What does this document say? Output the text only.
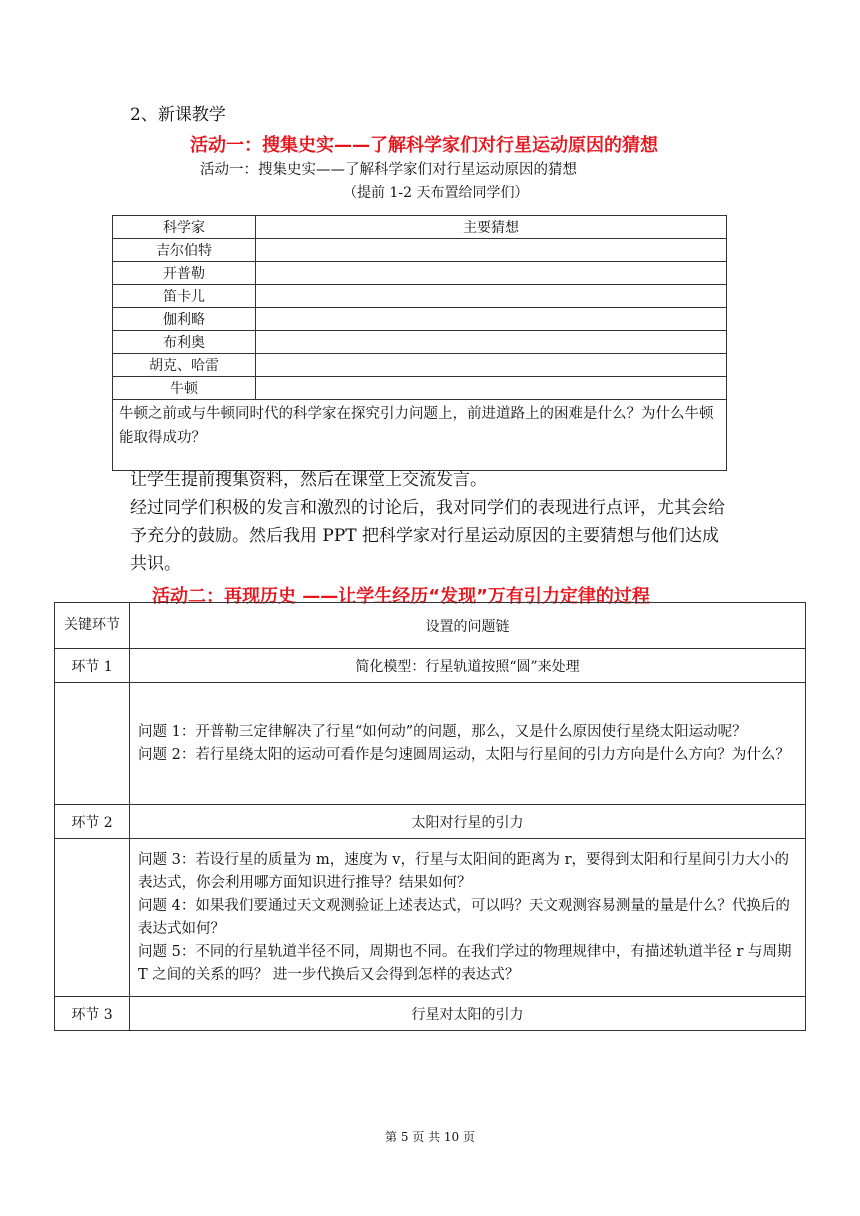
2、新课教学
活动一：搜集史实——了解科学家们对行星运动原因的猜想
活动一：搜集史实——了解科学家们对行星运动原因的猜想
（提前 1-2 天布置给同学们）
科学家	主要猜想
吉尔伯特	
开普勒	
笛卡儿	
伽利略	
布利奥	
胡克、哈雷	
牛顿	
牛顿之前或与牛顿同时代的科学家在探究引力问题上，前进道路上的困难是什么？为什么牛顿能取得成功？	
让学生提前搜集资料，然后在课堂上交流发言。
经过同学们积极的发言和激烈的讨论后，我对同学们的表现进行点评，尤其会给予充分的鼓励。然后我用 PPT 把科学家对行星运动原因的主要猜想与他们达成共识。
活动二：再现历史 ——让学生经历“发现”万有引力定律的过程
关键环节	设置的问题链
环节 1	简化模型：行星轨道按照“圆”来处理
	问题 1：开普勒三定律解决了行星“如何动”的问题，那么，又是什么原因使行星绕太阳运动呢？
问题 2：若行星绕太阳的运动可看作是匀速圆周运动，太阳与行星间的引力方向是什么方向？为什么？
环节 2	太阳对行星的引力
	问题 3：若设行星的质量为 m，速度为 v，行星与太阳间的距离为 r，要得到太阳和行星间引力大小的表达式，你会利用哪方面知识进行推导？结果如何？
问题 4：如果我们要通过天文观测验证上述表达式，可以吗？天文观测容易测量的量是什么？代换后的表达式如何？
问题 5：不同的行星轨道半径不同，周期也不同。在我们学过的物理规律中，有描述轨道半径 r 与周期 T 之间的关系的吗？ 进一步代换后又会得到怎样的表达式？
环节 3	行星对太阳的引力
第 5 页 共 10 页
